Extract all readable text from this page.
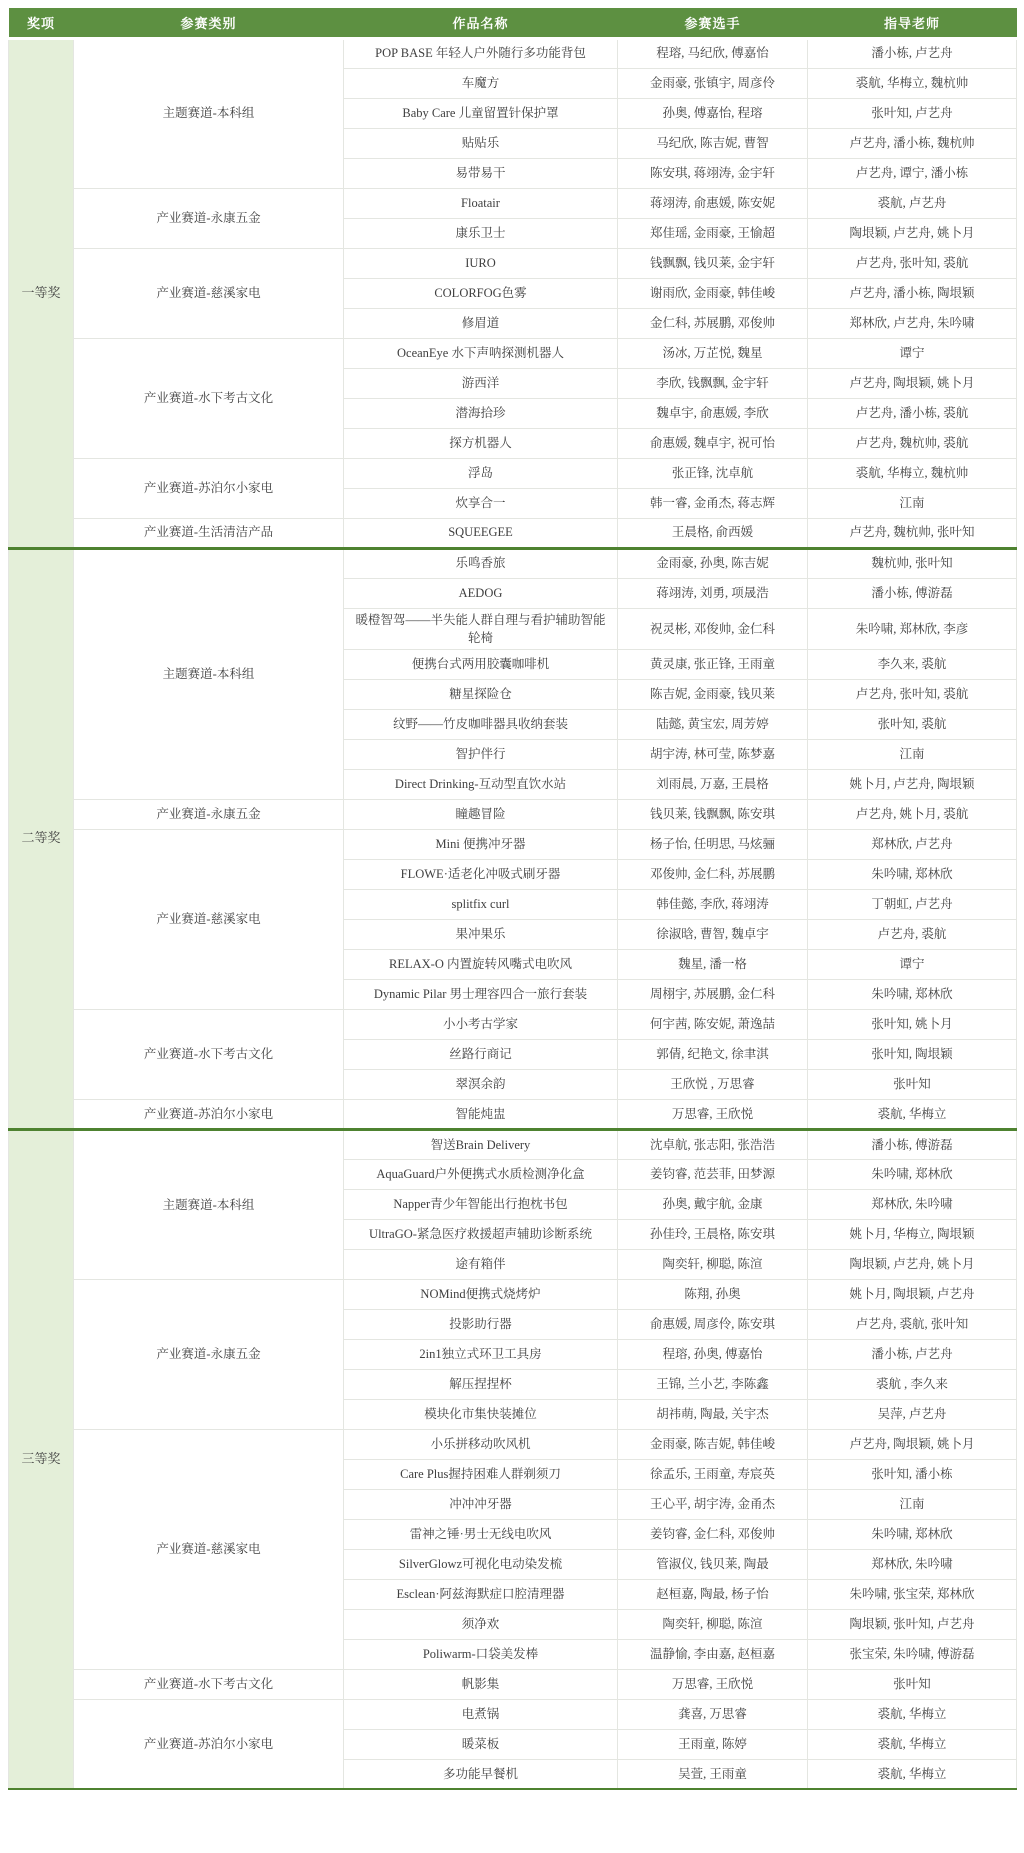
奖项	参赛类别	作品名称	参赛选手	指导老师
一等奖	主题赛道-本科组	POP BASE 年轻人户外随行多功能背包	程瑢, 马纪欣, 傅嘉怡	潘小栋, 卢艺舟
		车魔方	金雨豪, 张镇宇, 周彦伶	裘航, 华梅立, 魏杭帅
		Baby Care 儿童留置针保护罩	孙奥, 傅嘉怡, 程瑢	张叶知, 卢艺舟
		贴贴乐	马纪欣, 陈吉妮, 曹智	卢艺舟, 潘小栋, 魏杭帅
		易带易干	陈安琪, 蒋翊涛, 金宇轩	卢艺舟, 谭宁, 潘小栋
	产业赛道-永康五金	Floatair	蒋翊涛, 俞惠媛, 陈安妮	裘航, 卢艺舟
		康乐卫士	郑佳瑶, 金雨豪, 王愉超	陶垠颖, 卢艺舟, 姚卜月
	产业赛道-慈溪家电	IURO	钱飘飘, 钱贝莱, 金宇轩	卢艺舟, 张叶知, 裘航
		COLORFOG色雾	谢雨欣, 金雨豪, 韩佳峻	卢艺舟, 潘小栋, 陶垠颖
		修眉道	金仁科, 苏展鹏, 邓俊帅	郑林欣, 卢艺舟, 朱吟啸
	产业赛道-水下考古文化	OceanEye 水下声呐探测机器人	汤冰, 万芷悦, 魏星	谭宁
		游西洋	李欣, 钱飘飘, 金宇轩	卢艺舟, 陶垠颖, 姚卜月
		潜海拾珍	魏卓宇, 俞惠媛, 李欣	卢艺舟, 潘小栋, 裘航
		探方机器人	俞惠媛, 魏卓宇, 祝可怡	卢艺舟, 魏杭帅, 裘航
	产业赛道-苏泊尔小家电	浮岛	张正锋, 沈卓航	裘航, 华梅立, 魏杭帅
		炊享合一	韩一睿, 金甬杰, 蒋志辉	江南
	产业赛道-生活清洁产品	SQUEEGEE	王晨格, 俞西媛	卢艺舟, 魏杭帅, 张叶知
二等奖	主题赛道-本科组	乐鸣香旅	金雨豪, 孙奥, 陈吉妮	魏杭帅, 张叶知
		AEDOG	蒋翊涛, 刘勇, 项晟浩	潘小栋, 傅游磊
		暖橙智驾——半失能人群自理与看护辅助智能轮椅	祝灵彬, 邓俊帅, 金仁科	朱吟啸, 郑林欣, 李彦
		便携台式两用胶囊咖啡机	黄灵康, 张正锋, 王雨童	李久来, 裘航
		糖星探险仓	陈吉妮, 金雨豪, 钱贝莱	卢艺舟, 张叶知, 裘航
		纹野——竹皮咖啡器具收纳套装	陆懿, 黄宝宏, 周芳婷	张叶知, 裘航
		智护伴行	胡宇涛, 林可莹, 陈梦嘉	江南
		Direct Drinking-互动型直饮水站	刘雨晨, 万嘉, 王晨格	姚卜月, 卢艺舟, 陶垠颖
	产业赛道-永康五金	瞳趣冒险	钱贝莱, 钱飘飘, 陈安琪	卢艺舟, 姚卜月, 裘航
	产业赛道-慈溪家电	Mini 便携冲牙器	杨子怡, 任明思, 马炫骊	郑林欣, 卢艺舟
		FLOWE·适老化冲吸式刷牙器	邓俊帅, 金仁科, 苏展鹏	朱吟啸, 郑林欣
		splitfix curl	韩佳懿, 李欣, 蒋翊涛	丁朝虹, 卢艺舟
		果冲果乐	徐淑晗, 曹智, 魏卓宇	卢艺舟, 裘航
		RELAX-O 内置旋转风嘴式电吹风	魏星, 潘一格	谭宁
		Dynamic Pilar 男士理容四合一旅行套装	周栩宇, 苏展鹏, 金仁科	朱吟啸, 郑林欣
	产业赛道-水下考古文化	小小考古学家	何宇茜, 陈安妮, 萧逸喆	张叶知, 姚卜月
		丝路行商记	郭倩, 纪艳文, 徐聿淇	张叶知, 陶垠颖
		翠溟余韵	王欣悦 , 万思睿	张叶知
	产业赛道-苏泊尔小家电	智能炖盅	万思睿, 王欣悦	裘航, 华梅立
三等奖	主题赛道-本科组	智送Brain Delivery	沈卓航, 张志阳, 张浩浩	潘小栋, 傅游磊
		AquaGuard户外便携式水质检测净化盒	姜钧睿, 范芸菲, 田梦源	朱吟啸, 郑林欣
		Napper青少年智能出行抱枕书包	孙奥, 戴宇航, 金康	郑林欣, 朱吟啸
		UltraGO-紧急医疗救援超声辅助诊断系统	孙佳玲, 王晨格, 陈安琪	姚卜月, 华梅立, 陶垠颖
		途有箱伴	陶奕轩, 柳聪, 陈渲	陶垠颖, 卢艺舟, 姚卜月
	产业赛道-永康五金	NOMind便携式烧烤炉	陈翔, 孙奥	姚卜月, 陶垠颖, 卢艺舟
		投影助行器	俞惠媛, 周彦伶, 陈安琪	卢艺舟, 裘航, 张叶知
		2in1独立式环卫工具房	程瑢, 孙奥, 傅嘉怡	潘小栋, 卢艺舟
		解压捏捏杯	王锦, 兰小艺, 李陈鑫	裘航 , 李久来
		模块化市集快装摊位	胡祎萌, 陶最, 关宇杰	吴萍, 卢艺舟
	产业赛道-慈溪家电	小乐拼移动吹风机	金雨豪, 陈吉妮, 韩佳峻	卢艺舟, 陶垠颖, 姚卜月
		Care Plus握持困难人群剃须刀	徐孟乐, 王雨童, 寿宸英	张叶知, 潘小栋
		冲冲冲牙器	王心平, 胡宇涛, 金甬杰	江南
		雷神之锤·男士无线电吹风	姜钧睿, 金仁科, 邓俊帅	朱吟啸, 郑林欣
		SilverGlowz可视化电动染发梳	管淑仪, 钱贝莱, 陶最	郑林欣, 朱吟啸
		Esclean·阿兹海默症口腔清理器	赵桓嘉, 陶最, 杨子怡	朱吟啸, 张宝荣, 郑林欣
		须净欢	陶奕轩, 柳聪, 陈渲	陶垠颖, 张叶知, 卢艺舟
		Poliwarm-口袋美发棒	温静愉, 李由嘉, 赵桓嘉	张宝荣, 朱吟啸, 傅游磊
	产业赛道-水下考古文化	帆影集	万思睿, 王欣悦	张叶知
	产业赛道-苏泊尔小家电	电煮锅	龚喜, 万思睿	裘航, 华梅立
		暖菜板	王雨童, 陈婷	裘航, 华梅立
		多功能早餐机	吴萱, 王雨童	裘航, 华梅立
